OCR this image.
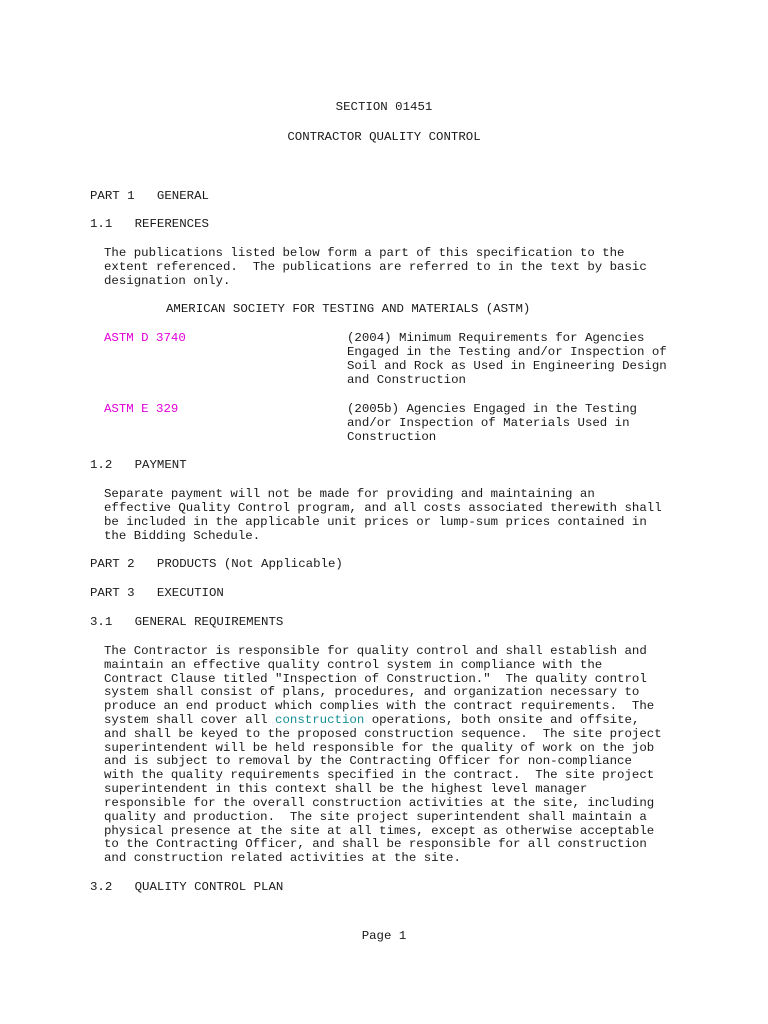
SECTION 01451

CONTRACTOR QUALITY CONTROL

PART 1   GENERAL

1.1   REFERENCES

The publications listed below form a part of this specification to the

extent referenced.  The publications are referred to in the text by basic

designation only.

AMERICAN SOCIETY FOR TESTING AND MATERIALS (ASTM)

ASTM D 3740	(2004) Minimum Requirements for Agencies

Engaged in the Testing and/or Inspection of

Soil and Rock as Used in Engineering Design

and Construction

ASTM E 329	(2005b) Agencies Engaged in the Testing

and/or Inspection of Materials Used in

Construction

1.2   PAYMENT

Separate payment will not be made for providing and maintaining an

effective Quality Control program, and all costs associated therewith shall

be included in the applicable unit prices or lump-sum prices contained in

the Bidding Schedule.

PART 2   PRODUCTS (Not Applicable)

PART 3   EXECUTION

3.1   GENERAL REQUIREMENTS

The Contractor is responsible for quality control and shall establish and

maintain an effective quality control system in compliance with the

Contract Clause titled "Inspection of Construction."  The quality control

system shall consist of plans, procedures, and organization necessary to

produce an end product which complies with the contract requirements.  The

system shall cover all construction operations, both onsite and offsite,

and shall be keyed to the proposed construction sequence.  The site project

superintendent will be held responsible for the quality of work on the job

and is subject to removal by the Contracting Officer for non-compliance

with the quality requirements specified in the contract.  The site project

superintendent in this context shall be the highest level manager

responsible for the overall construction activities at the site, including

quality and production.  The site project superintendent shall maintain a

physical presence at the site at all times, except as otherwise acceptable

to the Contracting Officer, and shall be responsible for all construction

and construction related activities at the site.

3.2   QUALITY CONTROL PLAN

Page 1
